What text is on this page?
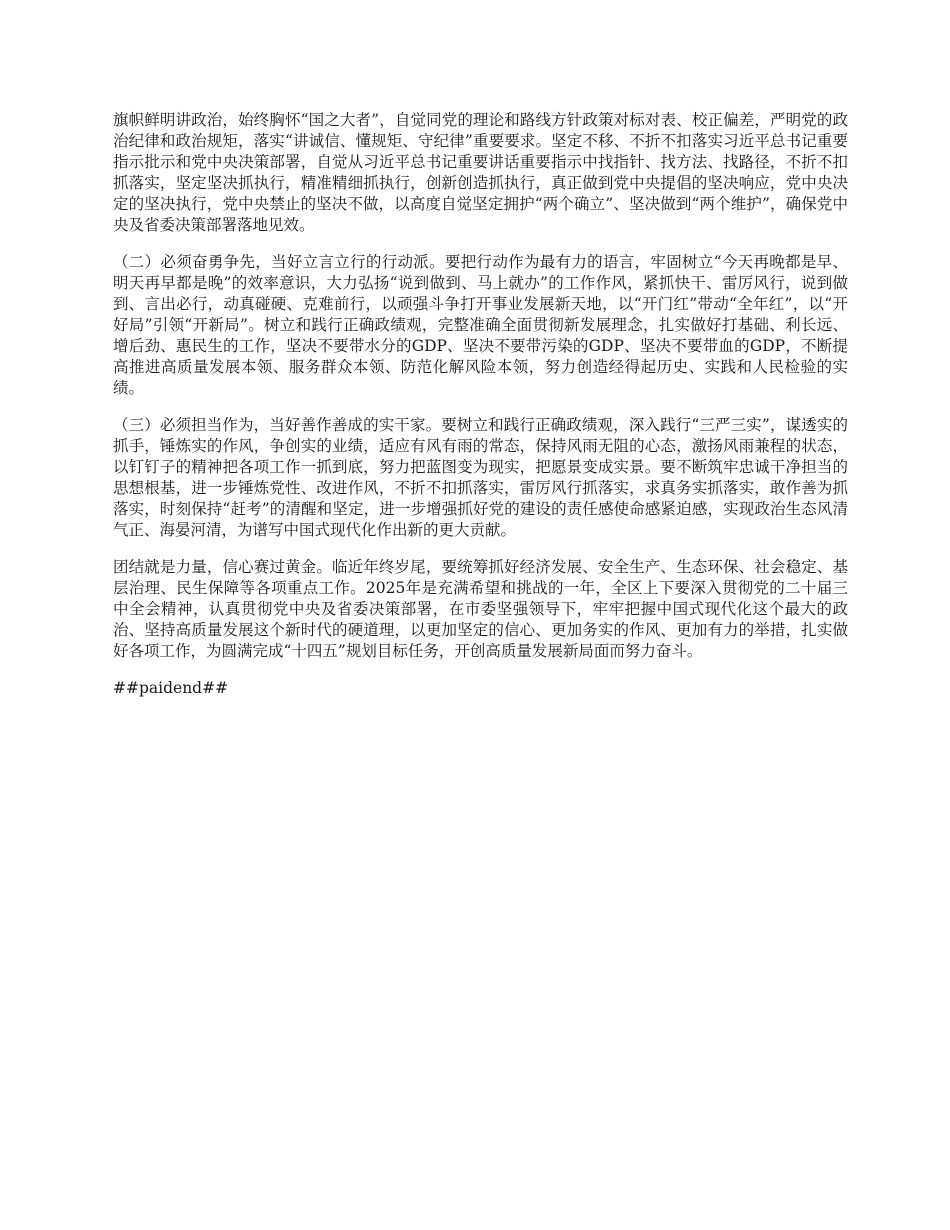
旗帜鲜明讲政治，始终胸怀“国之大者”，自觉同党的理论和路线方针政策对标对表、校正偏差，严明党的政治纪律和政治规矩，落实“讲诚信、懂规矩、守纪律”重要要求。坚定不移、不折不扣落实习近平总书记重要指示批示和党中央决策部署，自觉从习近平总书记重要讲话重要指示中找指针、找方法、找路径，不折不扣抓落实，坚定坚决抓执行，精准精细抓执行，创新创造抓执行，真正做到党中央提倡的坚决响应，党中央决定的坚决执行，党中央禁止的坚决不做，以高度自觉坚定拥护“两个确立”、坚决做到“两个维护”，确保党中央及省委决策部署落地见效。

（二）必须奋勇争先，当好立言立行的行动派。要把行动作为最有力的语言，牢固树立“今天再晚都是早、明天再早都是晚”的效率意识，大力弘扬“说到做到、马上就办”的工作作风，紧抓快干、雷厉风行，说到做到、言出必行，动真碰硬、克难前行，以顽强斗争打开事业发展新天地，以“开门红”带动“全年红”，以“开好局”引领“开新局”。树立和践行正确政绩观，完整准确全面贯彻新发展理念，扎实做好打基础、利长远、增后劲、惠民生的工作，坚决不要带水分的GDP、坚决不要带污染的GDP、坚决不要带血的GDP，不断提高推进高质量发展本领、服务群众本领、防范化解风险本领，努力创造经得起历史、实践和人民检验的实绩。

（三）必须担当作为，当好善作善成的实干家。要树立和践行正确政绩观，深入践行“三严三实”，谋透实的抓手，锤炼实的作风，争创实的业绩，适应有风有雨的常态，保持风雨无阻的心态，激扬风雨兼程的状态，以钉钉子的精神把各项工作一抓到底，努力把蓝图变为现实，把愿景变成实景。要不断筑牢忠诚干净担当的思想根基，进一步锤炼党性、改进作风，不折不扣抓落实，雷厉风行抓落实，求真务实抓落实，敢作善为抓落实，时刻保持“赶考”的清醒和坚定，进一步增强抓好党的建设的责任感使命感紧迫感，实现政治生态风清气正、海晏河清，为谱写中国式现代化作出新的更大贡献。

团结就是力量，信心赛过黄金。临近年终岁尾，要统筹抓好经济发展、安全生产、生态环保、社会稳定、基层治理、民生保障等各项重点工作。2025年是充满希望和挑战的一年，全区上下要深入贯彻党的二十届三中全会精神，认真贯彻党中央及省委决策部署，在市委坚强领导下，牢牢把握中国式现代化这个最大的政治、坚持高质量发展这个新时代的硬道理，以更加坚定的信心、更加务实的作风、更加有力的举措，扎实做好各项工作，为圆满完成“十四五”规划目标任务，开创高质量发展新局面而努力奋斗。

##paidend##
